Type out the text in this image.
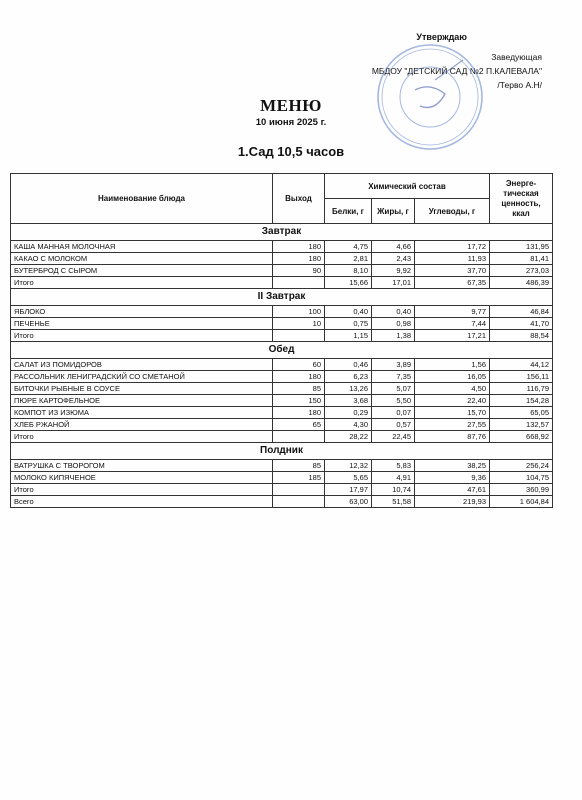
Утверждаю
Заведующая
МБДОУ "ДЕТСКИЙ САД №2 П.КАЛЕВАЛА"
/Терво А.Н/
МЕНЮ
10 июня 2025 г.
1.Сад 10,5 часов
Наименование блюда	Выход	Химический состав			Энерге-тическая ценность, ккал
		Белки, г	Жиры, г	Углеводы, г	
Завтрак					
КАША МАННАЯ МОЛОЧНАЯ	180	4,75	4,66	17,72	131,95
КАКАО С МОЛОКОМ	180	2,81	2,43	11,93	81,41
БУТЕРБРОД С СЫРОМ	90	8,10	9,92	37,70	273,03
Итого		15,66	17,01	67,35	486,39
II Завтрак					
ЯБЛОКО	100	0,40	0,40	9,77	46,84
ПЕЧЕНЬЕ	10	0,75	0,98	7,44	41,70
Итого		1,15	1,38	17,21	88,54
Обед					
САЛАТ ИЗ ПОМИДОРОВ	60	0,46	3,89	1,56	44,12
РАССОЛЬНИК ЛЕНИГРАДСКИЙ СО СМЕТАНОЙ	180	6,23	7,35	16,05	156,11
БИТОЧКИ РЫБНЫЕ В СОУСЕ	85	13,26	5,07	4,50	116,79
ПЮРЕ КАРТОФЕЛЬНОЕ	150	3,68	5,50	22,40	154,28
КОМПОТ ИЗ ИЗЮМА	180	0,29	0,07	15,70	65,05
ХЛЕБ РЖАНОЙ	65	4,30	0,57	27,55	132,57
Итого		28,22	22,45	87,76	668,92
Полдник					
ВАТРУШКА С ТВОРОГОМ	85	12,32	5,83	38,25	256,24
МОЛОКО КИПЯЧЕНОЕ	185	5,65	4,91	9,36	104,75
Итого		17,97	10,74	47,61	360,99
Всего		63,00	51,58	219,93	1 604,84
